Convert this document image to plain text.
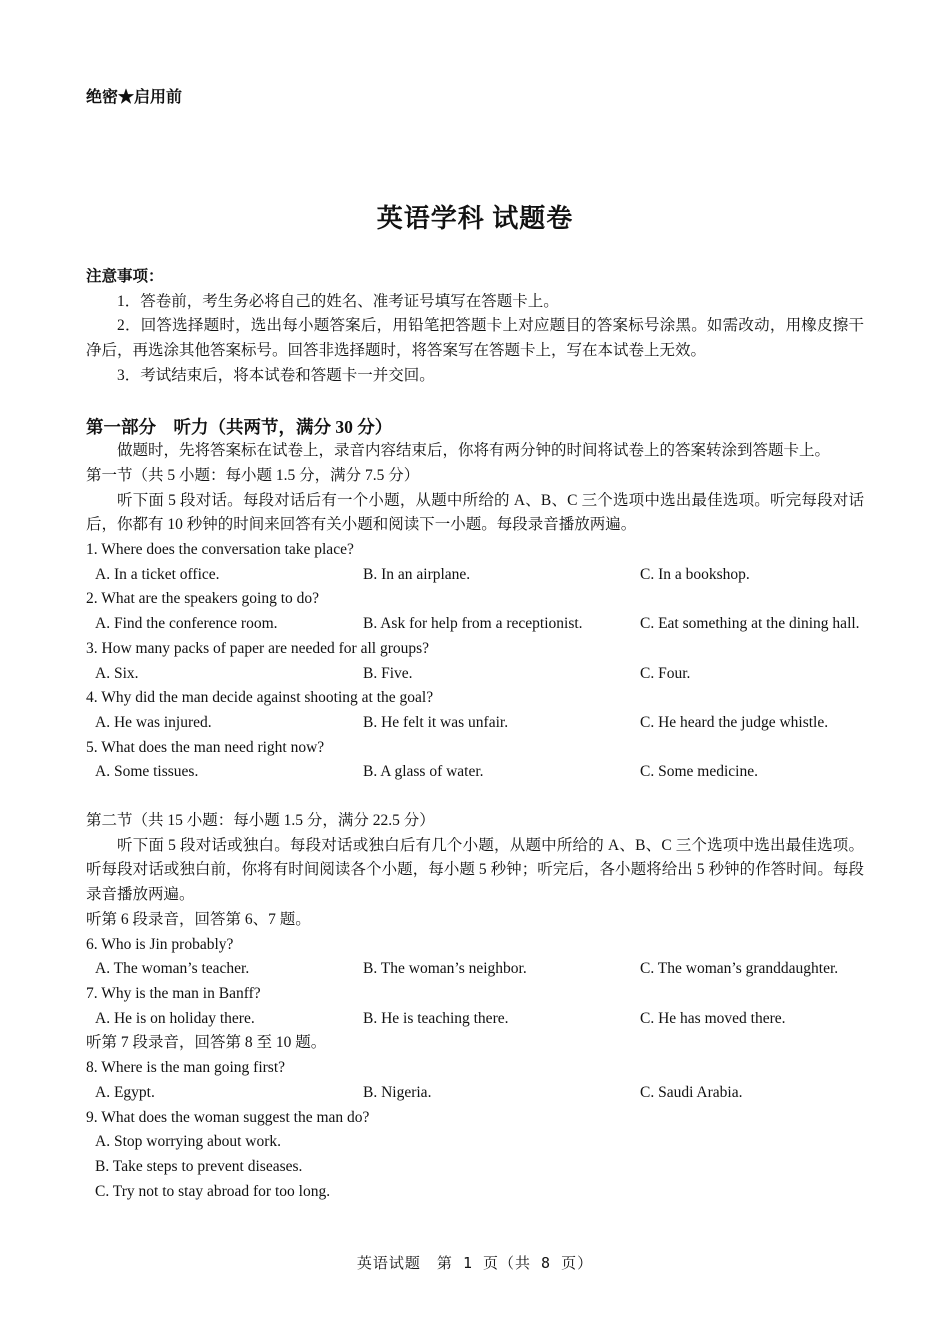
绝密★启用前
英语学科 试题卷

注意事项：

1．答卷前，考生务必将自己的姓名、准考证号填写在答题卡上。

2．回答选择题时，选出每小题答案后，用铅笔把答题卡上对应题目的答案标号涂黑。如需改动，用橡皮擦干净后，再选涂其他答案标号。回答非选择题时，将答案写在答题卡上，写在本试卷上无效。

3．考试结束后，将本试卷和答题卡一并交回。

第一部分　听力（共两节，满分 30 分）

做题时，先将答案标在试卷上，录音内容结束后，你将有两分钟的时间将试卷上的答案转涂到答题卡上。

第一节（共 5 小题：每小题 1.5 分，满分 7.5 分）

听下面 5 段对话。每段对话后有一个小题，从题中所给的 A、B、C 三个选项中选出最佳选项。听完每段对话后，你都有 10 秒钟的时间来回答有关小题和阅读下一小题。每段录音播放两遍。

1. Where does the conversation take place?

A. In a ticket office.	B. In an airplane.	C. In a bookshop.

2. What are the speakers going to do?

A. Find the conference room.	B. Ask for help from a receptionist.	C. Eat something at the dining hall.

3. How many packs of paper are needed for all groups?

A. Six.	B. Five.	C. Four.

4. Why did the man decide against shooting at the goal?

A. He was injured.	B. He felt it was unfair.	C. He heard the judge whistle.

5. What does the man need right now?

A. Some tissues.	B. A glass of water.	C. Some medicine.

第二节（共 15 小题：每小题 1.5 分，满分 22.5 分）

听下面 5 段对话或独白。每段对话或独白后有几个小题，从题中所给的 A、B、C 三个选项中选出最佳选项。听每段对话或独白前，你将有时间阅读各个小题，每小题 5 秒钟；听完后，各小题将给出 5 秒钟的作答时间。每段录音播放两遍。

听第 6 段录音，回答第 6、7 题。

6. Who is Jin probably?

A. The woman’s teacher.	B. The woman’s neighbor.	C. The woman’s granddaughter.

7. Why is the man in Banff?

A. He is on holiday there.	B. He is teaching there.	C. He has moved there.

听第 7 段录音，回答第 8 至 10 题。

8. Where is the man going first?

A. Egypt.	B. Nigeria.	C. Saudi Arabia.

9. What does the woman suggest the man do?

A. Stop worrying about work.

B. Take steps to prevent diseases.

C. Try not to stay abroad for too long.

英语试题　第 1 页（共 8 页）
